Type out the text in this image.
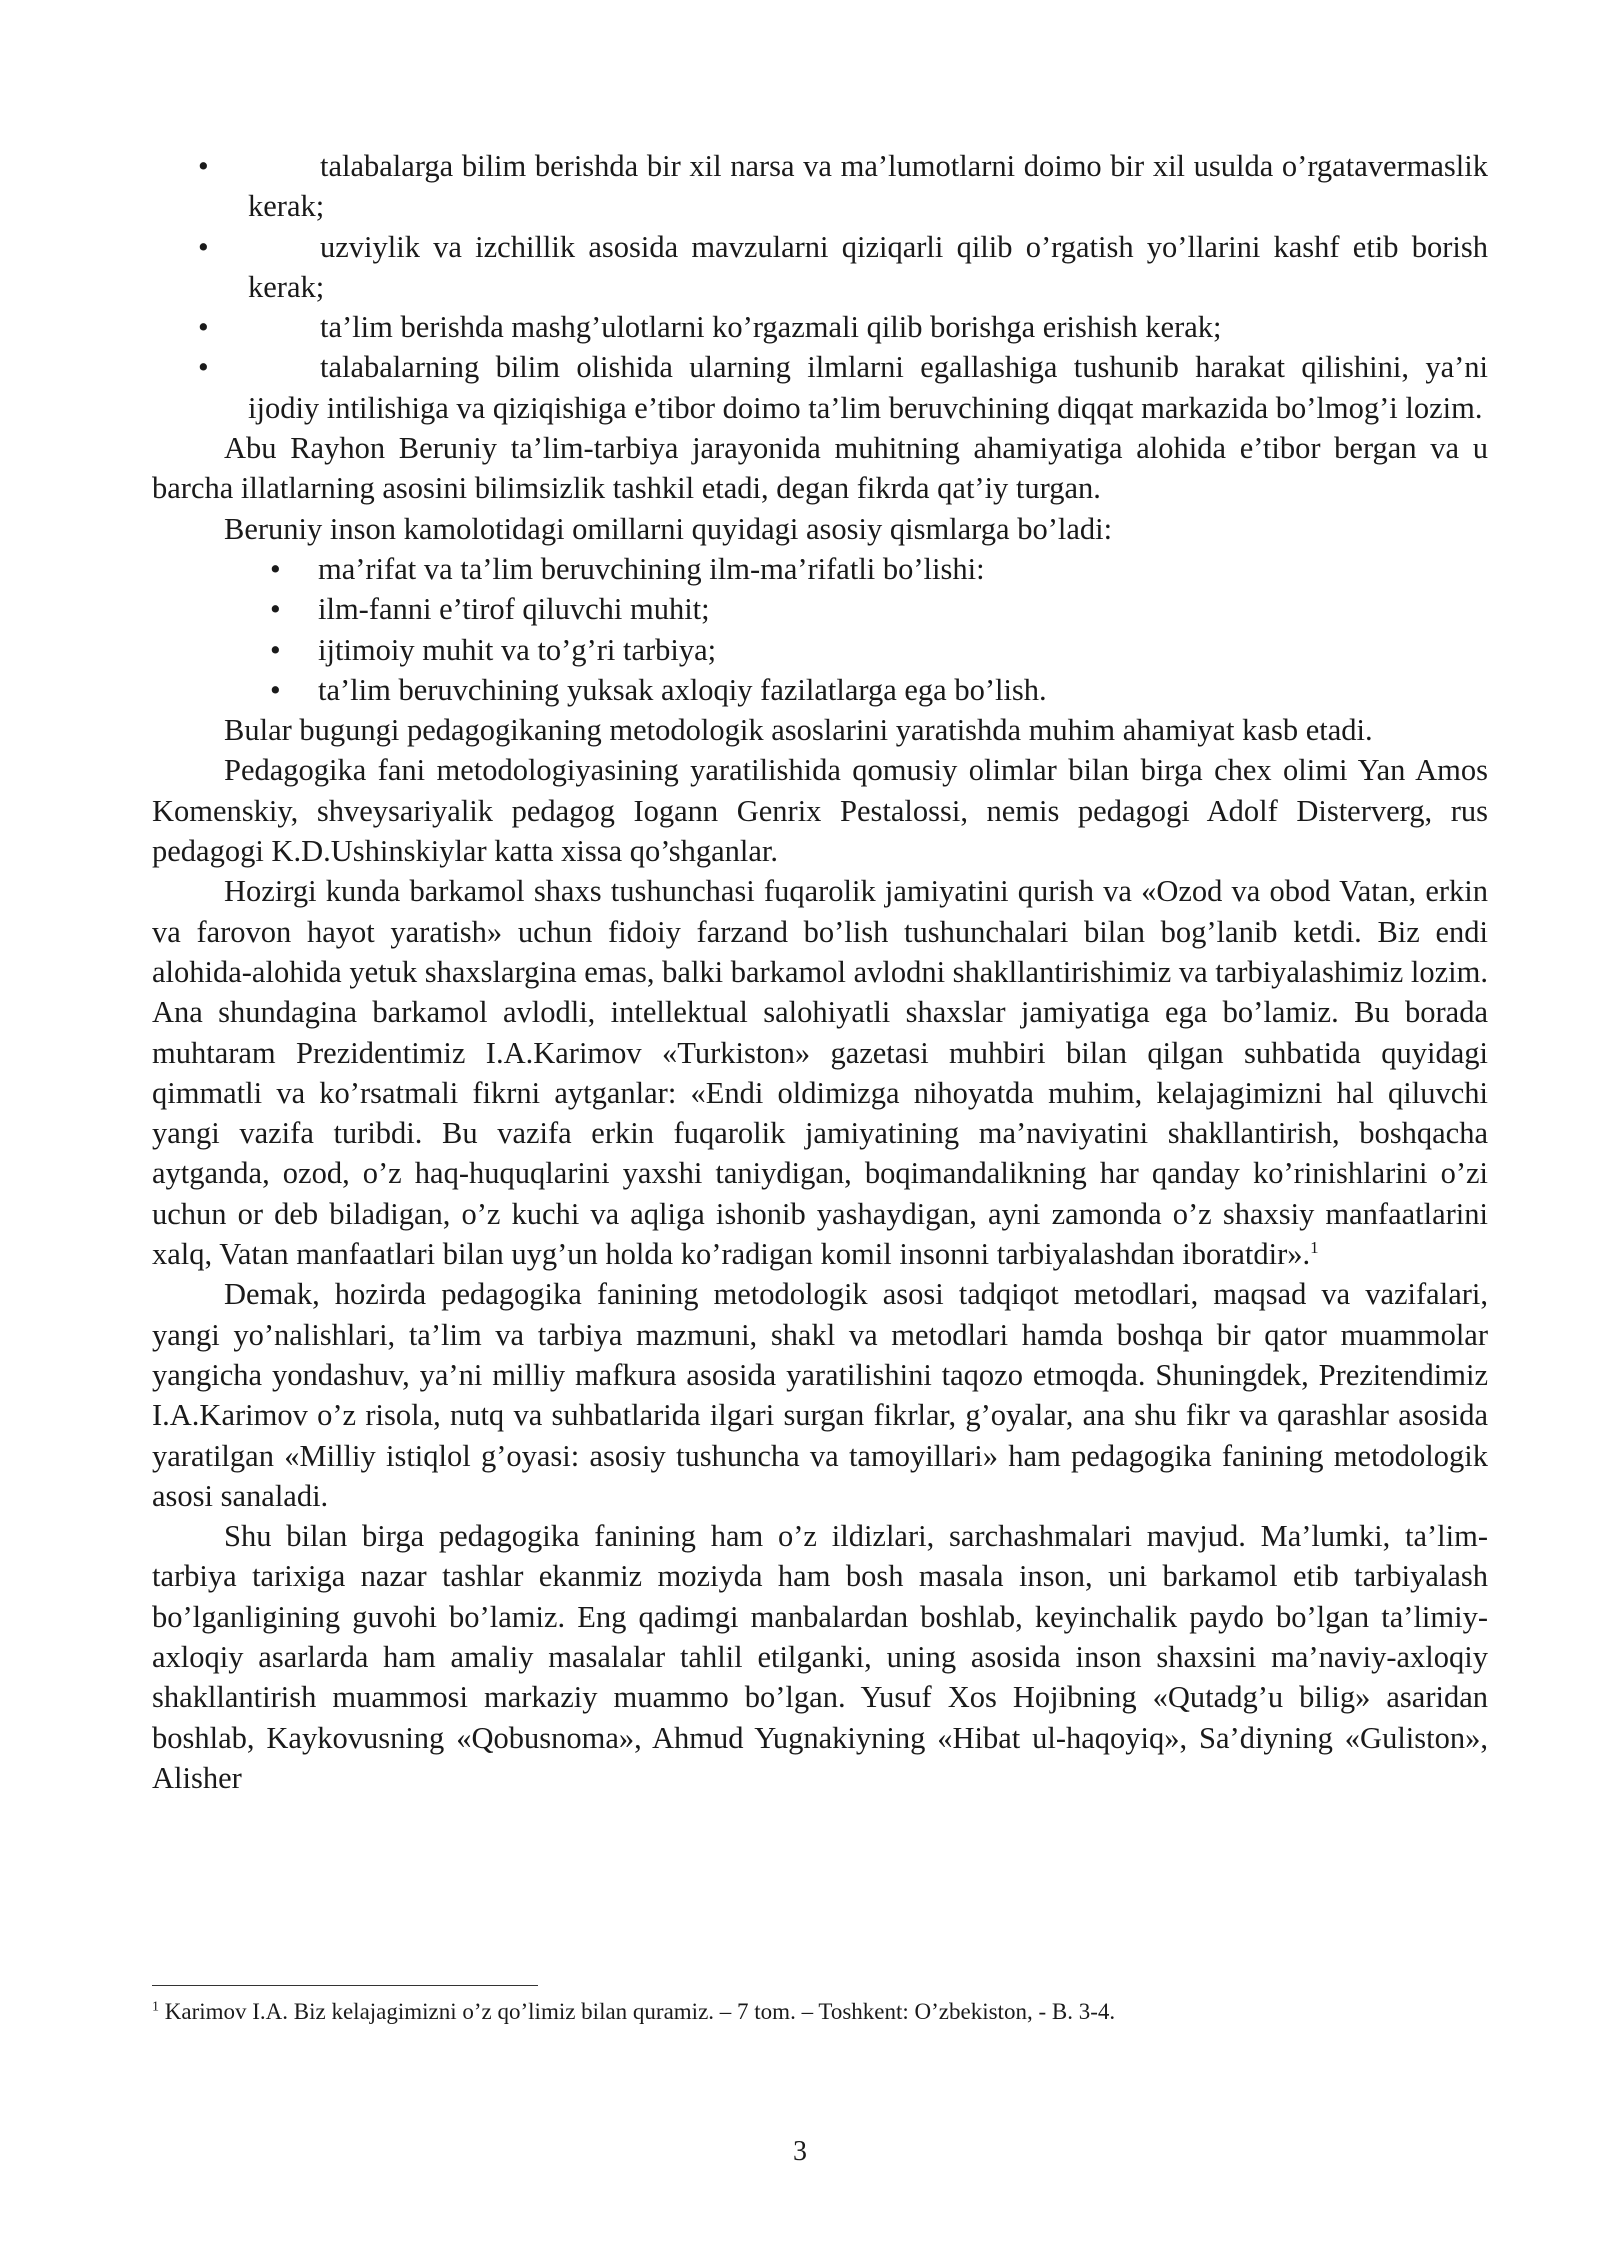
•	talabalarga bilim berishda bir xil narsa va ma’lumotlarni doimo bir xil usulda o’rgatavermaslik kerak;
•	uzviylik va izchillik asosida mavzularni qiziqarli qilib o’rgatish yo’llarini kashf etib borish kerak;
•	ta’lim berishda mashg’ulotlarni ko’rgazmali qilib borishga erishish kerak;
•	talabalarning bilim olishida ularning ilmlarni egallashiga tushunib harakat qilishini, ya’ni ijodiy intilishiga va qiziqishiga e’tibor doimo ta’lim beruvchining diqqat markazida bo’lmog’i lozim.

Abu Rayhon Beruniy ta’lim-tarbiya jarayonida muhitning ahamiyatiga alohida e’tibor bergan va u barcha illatlarning asosini bilimsizlik tashkil etadi, degan fikrda qat’iy turgan.

Beruniy inson kamolotidagi omillarni quyidagi asosiy qismlarga bo’ladi:

• ma’rifat va ta’lim beruvchining ilm-ma’rifatli bo’lishi:
• ilm-fanni e’tirof qiluvchi muhit;
• ijtimoiy muhit va to’g’ri tarbiya;
• ta’lim beruvchining yuksak axloqiy fazilatlarga ega bo’lish.

Bular bugungi pedagogikaning metodologik asoslarini yaratishda muhim ahamiyat kasb etadi.

Pedagogika fani metodologiyasining yaratilishida qomusiy olimlar bilan birga chex olimi Yan Amos Komenskiy, shveysariyalik pedagog Iogann Genrix Pestalossi, nemis pedagogi Adolf Disterverg, rus pedagogi K.D.Ushinskiylar katta xissa qo’shganlar.

Hozirgi kunda barkamol shaxs tushunchasi fuqarolik jamiyatini qurish va «Ozod va obod Vatan, erkin va farovon hayot yaratish» uchun fidoiy farzand bo’lish tushunchalari bilan bog’lanib ketdi. Biz endi alohida-alohida yetuk shaxslargina emas, balki barkamol avlodni shakllantirishimiz va tarbiyalashimiz lozim. Ana shundagina barkamol avlodli, intellektual salohiyatli shaxslar jamiyatiga ega bo’lamiz. Bu borada muhtaram Prezidentimiz I.A.Karimov «Turkiston» gazetasi muhbiri bilan qilgan suhbatida quyidagi qimmatli va ko’rsatmali fikrni aytganlar: «Endi oldimizga nihoyatda muhim, kelajagimizni hal qiluvchi yangi vazifa turibdi. Bu vazifa erkin fuqarolik jamiyatining ma’naviyatini shakllantirish, boshqacha aytganda, ozod, o’z haq-huquqlarini yaxshi taniydigan, boqimandalikning har qanday ko’rinishlarini o’zi uchun or deb biladigan, o’z kuchi va aqliga ishonib yashaydigan, ayni zamonda o’z shaxsiy manfaatlarini xalq, Vatan manfaatlari bilan uyg’un holda ko’radigan komil insonni tarbiyalashdan iboratdir».$^1$

Demak, hozirda pedagogika fanining metodologik asosi tadqiqot metodlari, maqsad va vazifalari, yangi yo’nalishlari, ta’lim va tarbiya mazmuni, shakl va metodlari hamda boshqa bir qator muammolar yangicha yondashuv, ya’ni milliy mafkura asosida yaratilishini taqozo etmoqda. Shuningdek, Prezitendimiz I.A.Karimov o’z risola, nutq va suhbatlarida ilgari surgan fikrlar, g’oyalar, ana shu fikr va qarashlar asosida yaratilgan «Milliy istiqlol g’oyasi: asosiy tushuncha va tamoyillari» ham pedagogika fanining metodologik asosi sanaladi.

Shu bilan birga pedagogika fanining ham o’z ildizlari, sarchashmalari mavjud. Ma’lumki, ta’lim-tarbiya tarixiga nazar tashlar ekanmiz moziyda ham bosh masala inson, uni barkamol etib tarbiyalash bo’lganligining guvohi bo’lamiz. Eng qadimgi manbalardan boshlab, keyinchalik paydo bo’lgan ta’limiy-axloqiy asarlarda ham amaliy masalalar tahlil etilganki, uning asosida inson shaxsini ma’naviy-axloqiy shakllantirish muammosi markaziy muammo bo’lgan. Yusuf Xos Hojibning «Qutadg’u bilig» asaridan boshlab, Kaykovusning «Qobusnoma», Ahmud Yugnakiyning «Hibat ul-haqoyiq», Sa’diyning «Guliston», Alisher

$^1$ Karimov I.A. Biz kelajagimizni o’z qo’limiz bilan quramiz. – 7 tom. – Toshkent: O’zbekiston, - B. 3-4.
3
